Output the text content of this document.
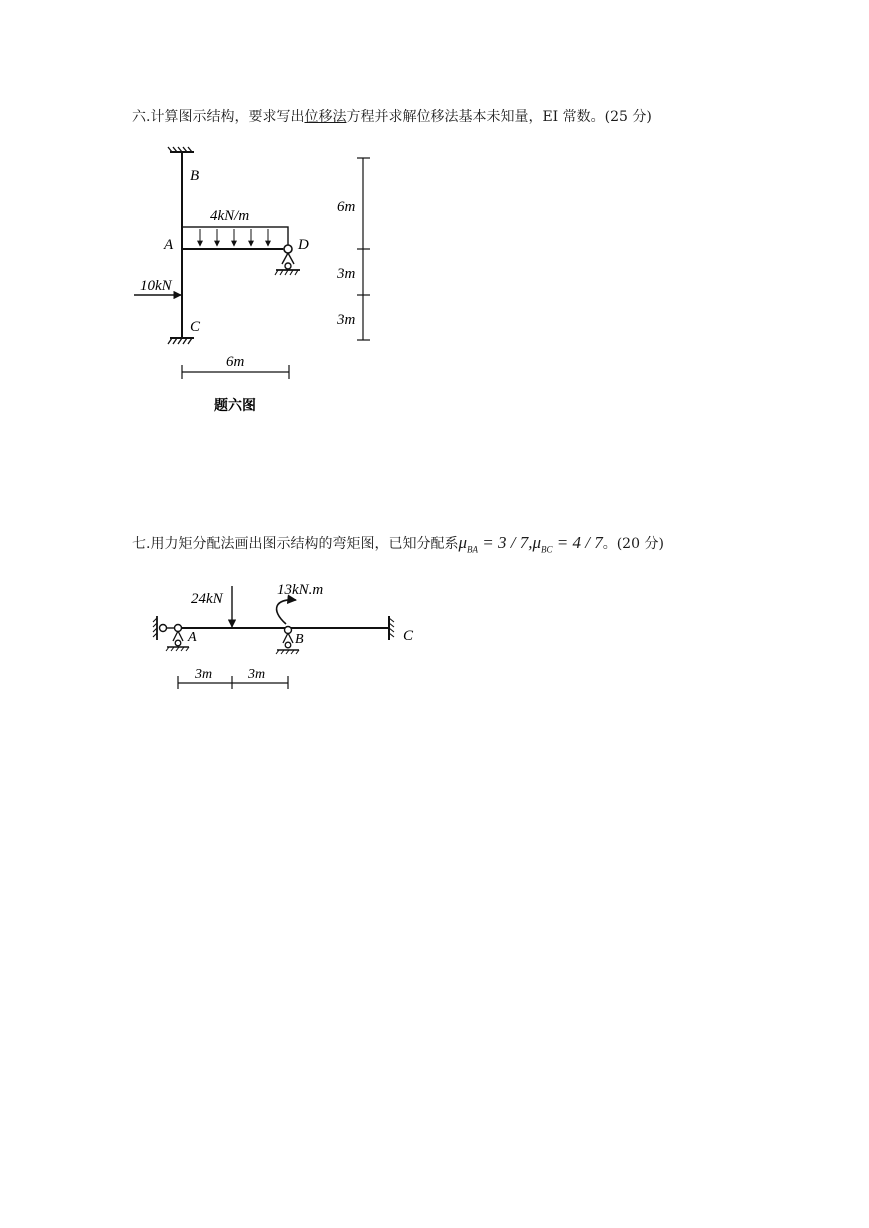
六.计算图示结构，要求写出位移法方程并求解位移法基本未知量，EI 常数。(25 分)
4kN/m
B
A	D
C
10kN
6m
3m
3m
6m
题六图
七.用力矩分配法画出图示结构的弯矩图，已知分配系$\mu_{BA} = 3 / 7,\mu_{BC} = 4 / 7$。(20 分)
A
24kN
13kN.m
B	C
3m	3m
